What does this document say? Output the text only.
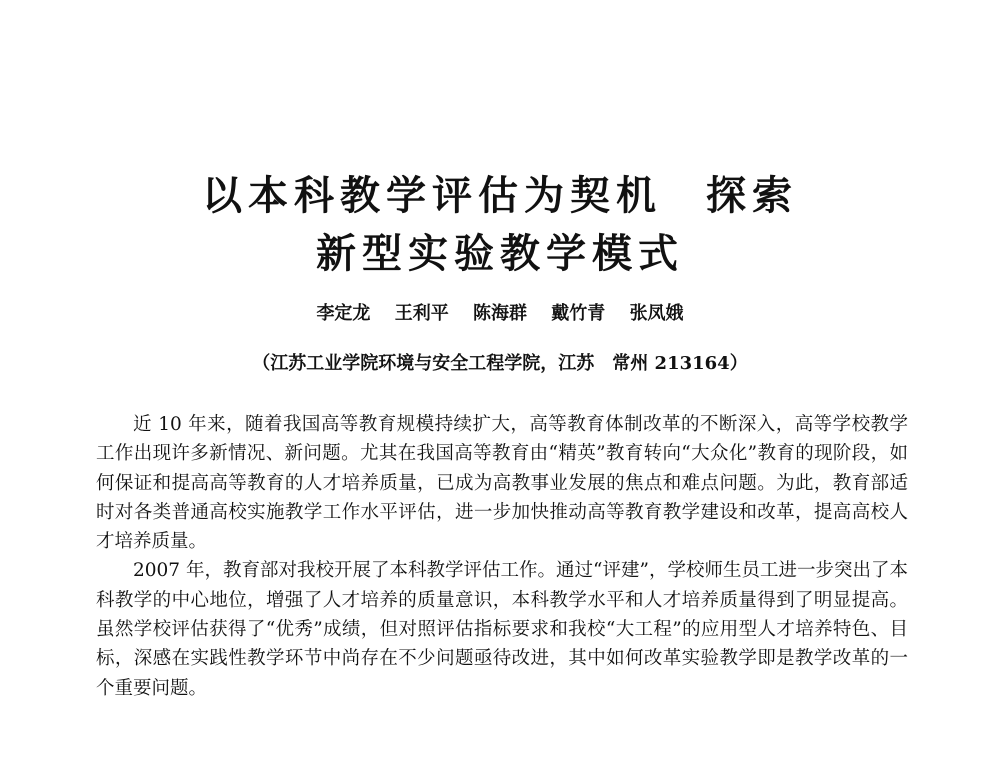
以本科教学评估为契机 探索
新型实验教学模式
李定龙 王利平 陈海群 戴竹青 张凤娥
（江苏工业学院环境与安全工程学院，江苏　常州 213164）

近 10 年来，随着我国高等教育规模持续扩大，高等教育体制改革的不断深入，高等学校教学工作出现许多新情况、新问题。尤其在我国高等教育由“精英”教育转向“大众化”教育的现阶段，如何保证和提高高等教育的人才培养质量，已成为高教事业发展的焦点和难点问题。为此，教育部适时对各类普通高校实施教学工作水平评估，进一步加快推动高等教育教学建设和改革，提高高校人才培养质量。

2007 年，教育部对我校开展了本科教学评估工作。通过“评建”，学校师生员工进一步突出了本科教学的中心地位，增强了人才培养的质量意识，本科教学水平和人才培养质量得到了明显提高。虽然学校评估获得了“优秀”成绩，但对照评估指标要求和我校“大工程”的应用型人才培养特色、目标，深感在实践性教学环节中尚存在不少问题亟待改进，其中如何改革实验教学即是教学改革的一个重要问题。
